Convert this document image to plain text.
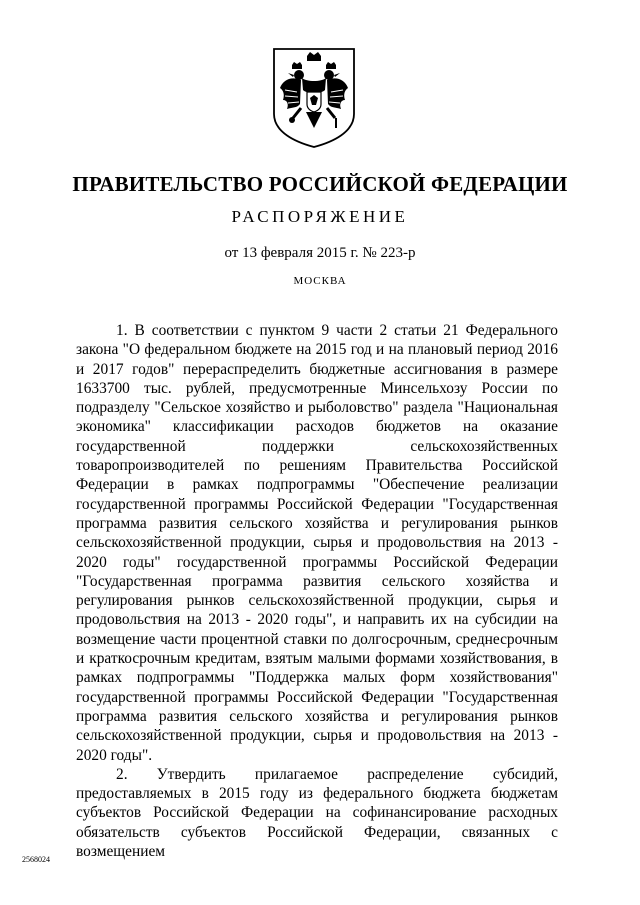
ПРАВИТЕЛЬСТВО РОССИЙСКОЙ ФЕДЕРАЦИИ
РАСПОРЯЖЕНИЕ
от 13 февраля 2015 г. № 223-р
МОСКВА

1. В соответствии с пунктом 9 части 2 статьи 21 Федерального закона "О федеральном бюджете на 2015 год и на плановый период 2016 и 2017 годов" перераспределить бюджетные ассигнования в размере 1633700 тыс. рублей, предусмотренные Минсельхозу России по подразделу "Сельское хозяйство и рыболовство" раздела "Национальная экономика" классификации расходов бюджетов на оказание государственной поддержки сельскохозяйственных товаропроизводителей по решениям Правительства Российской Федерации в рамках подпрограммы "Обеспечение реализации государственной программы Российской Федерации "Государственная программа развития сельского хозяйства и регулирования рынков сельскохозяйственной продукции, сырья и продовольствия на 2013 - 2020 годы" государственной программы Российской Федерации "Государственная программа развития сельского хозяйства и регулирования рынков сельскохозяйственной продукции, сырья и продовольствия на 2013 - 2020 годы", и направить их на субсидии на возмещение части процентной ставки по долгосрочным, среднесрочным и краткосрочным кредитам, взятым малыми формами хозяйствования, в рамках подпрограммы "Поддержка малых форм хозяйствования" государственной программы Российской Федерации "Государственная программа развития сельского хозяйства и регулирования рынков сельскохозяйственной продукции, сырья и продовольствия на 2013 - 2020 годы".

2. Утвердить прилагаемое распределение субсидий, предоставляемых в 2015 году из федерального бюджета бюджетам субъектов Российской Федерации на софинансирование расходных обязательств субъектов Российской Федерации, связанных с возмещением

2568024
